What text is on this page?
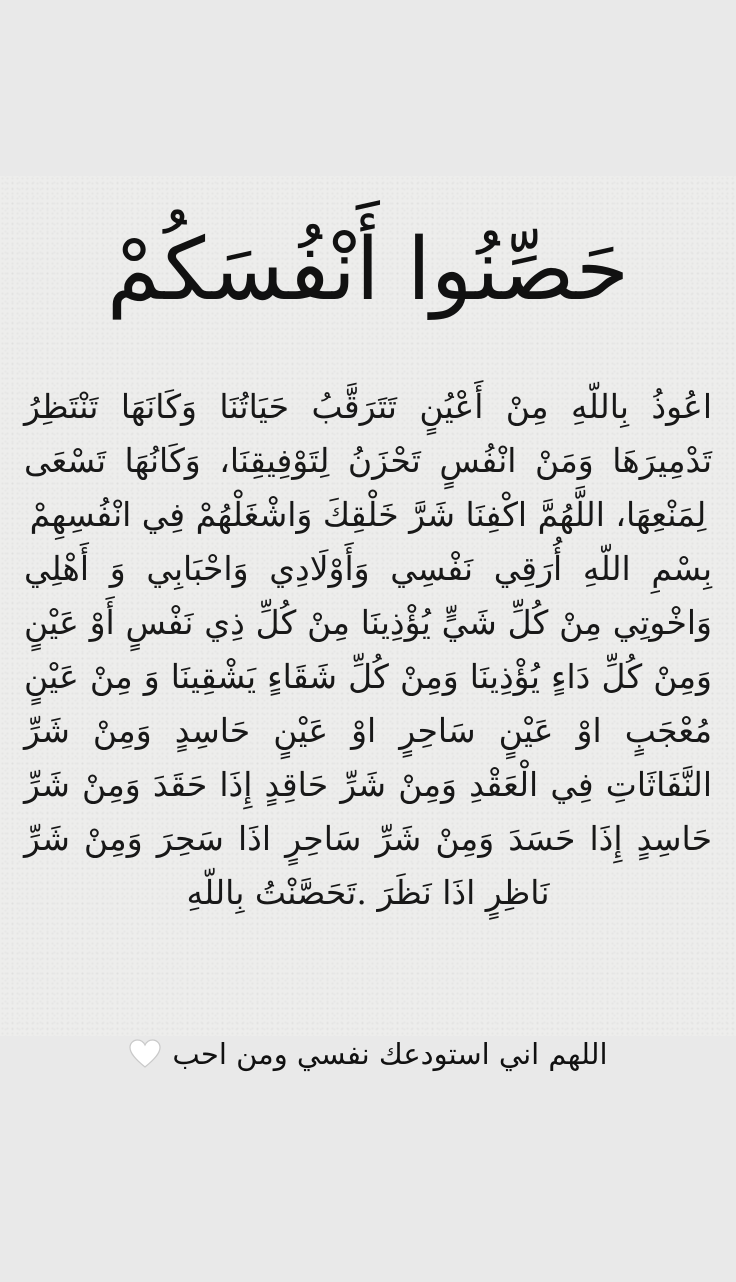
حَصِّنُوا أَنْفُسَكُمْ

اعُوذُ بِاللّهِ مِنْ أَعْيُنٍ تَتَرَقَّبُ حَيَاتُنَا وَكَانَهَا تَنْتَظِرُ تَدْمِيرَهَا وَمَنْ انْفُسٍ تَحْزَنُ لِتَوْفِيقِنَا، وَكَانُهَا تَسْعَى لِمَنْعِهَا، اللَّهُمَّ اكْفِنَا شَرَّ خَلْقِكَ وَاشْغَلْهُمْ فِي انْفُسِهِمْ

بِسْمِ اللّهِ أُرَقِي نَفْسِي وَأَوْلَادِي وَاحْبَابِي وَ أَهْلِي وَاخْوتِي مِنْ كُلِّ شَيٍّ يُؤْذِينَا مِنْ كُلِّ ذِي نَفْسٍ أَوْ عَيْنٍ وَمِنْ كُلِّ دَاءٍ يُؤْذِينَا وَمِنْ كُلِّ شَقَاءٍ يَشْقِينَا وَ مِنْ عَيْنٍ مُعْجَبٍ اوْ عَيْنٍ سَاحِرٍ اوْ عَيْنٍ حَاسِدٍ وَمِنْ شَرِّ النَّفَاثَاتِ فِي الْعَقْدِ وَمِنْ شَرِّ حَاقِدٍ إِذَا حَقَدَ وَمِنْ شَرِّ حَاسِدٍ إِذَا حَسَدَ وَمِنْ شَرِّ سَاحِرٍ اذَا سَحِرَ وَمِنْ شَرِّ نَاظِرٍ اذَا نَظَرَ .تَحَصَّنْتُ بِاللّهِ

اللهم اني استودعك نفسي ومن احب
